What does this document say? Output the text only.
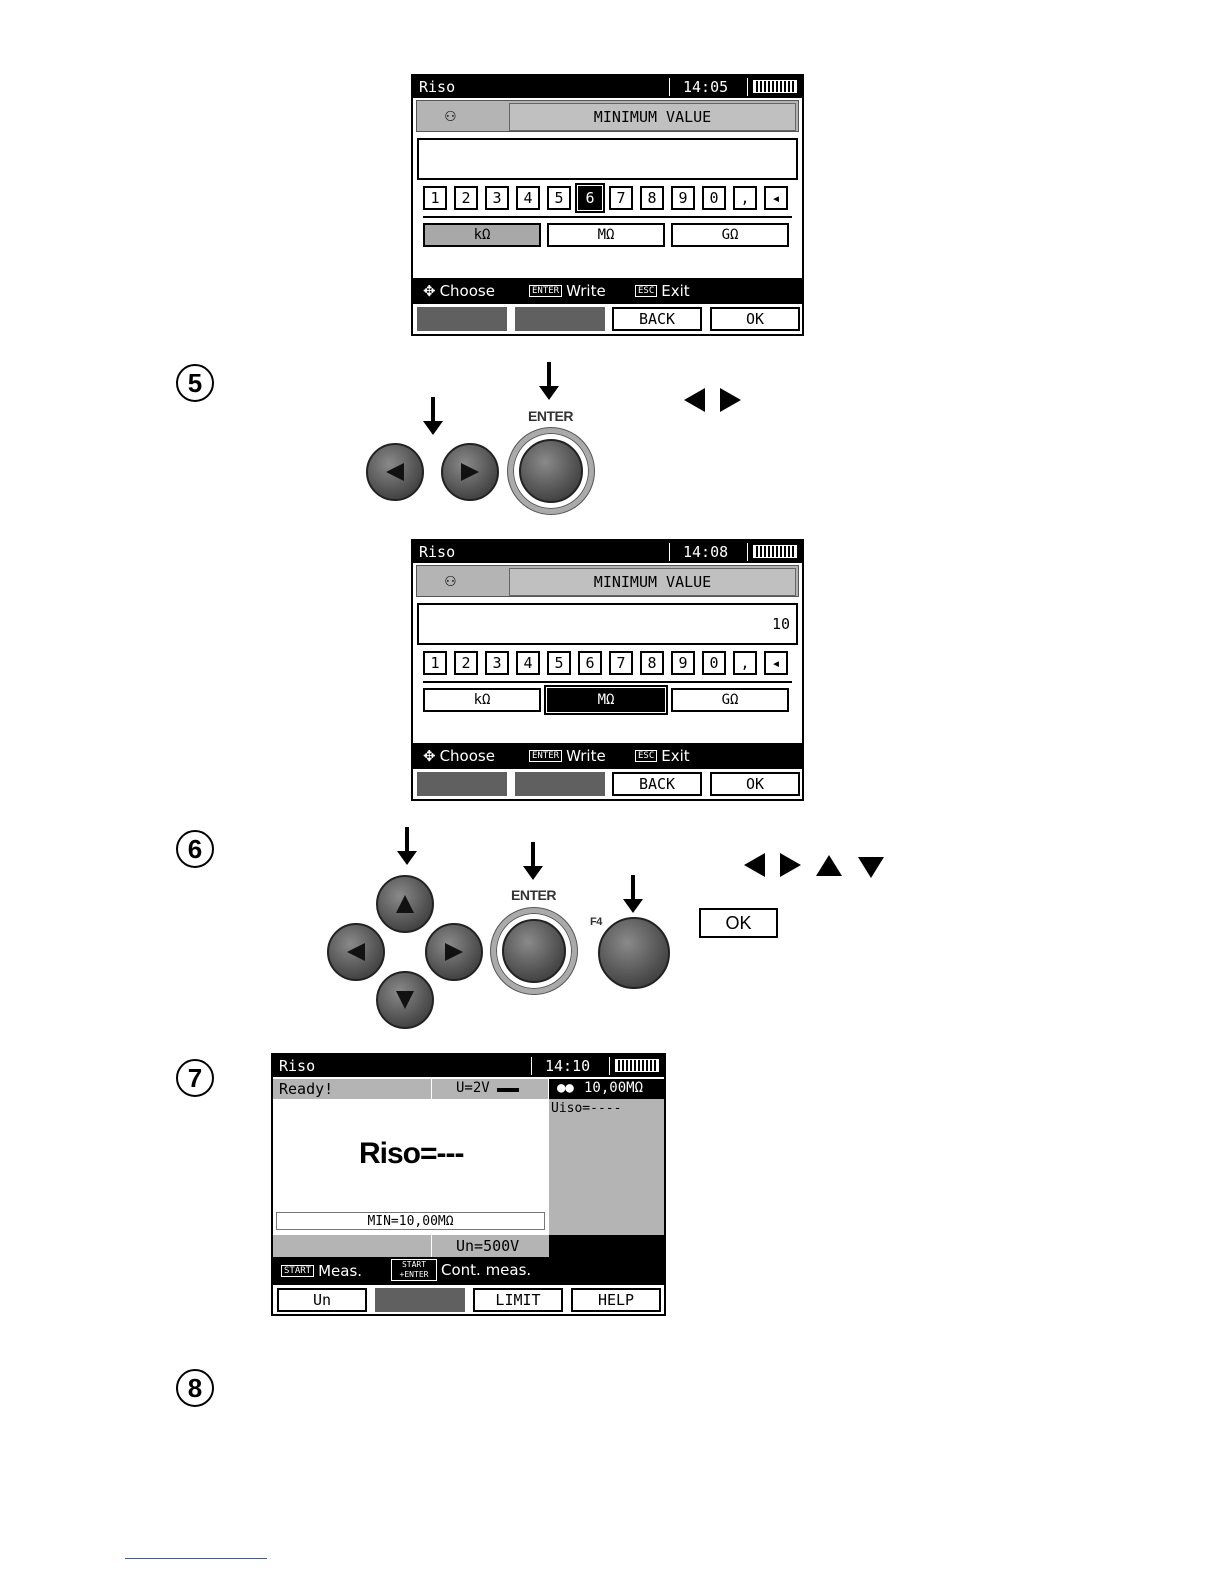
Riso	14:05
⚇	MINIMUM VALUE
1	2	3	4	5	6	7	8	9	0	,	◂
kΩ	MΩ	GΩ
✥ Choose	ENTER Write	ESC Exit
BACK	OK
5
ENTER
Riso	14:08
⚇	MINIMUM VALUE
10
1	2	3	4	5	6	7	8	9	0	,	◂
kΩ	MΩ	GΩ
✥ Choose	ENTER Write	ESC Exit
BACK	OK
6
ENTER
F4	OK
7	Riso	14:10
Ready!	U=2V	●● 10,00MΩ
Uiso=----
Riso=---
MIN=10,00MΩ
Un=500V
START Meas.	START +ENTER Cont. meas.
Un	LIMIT	HELP
8
